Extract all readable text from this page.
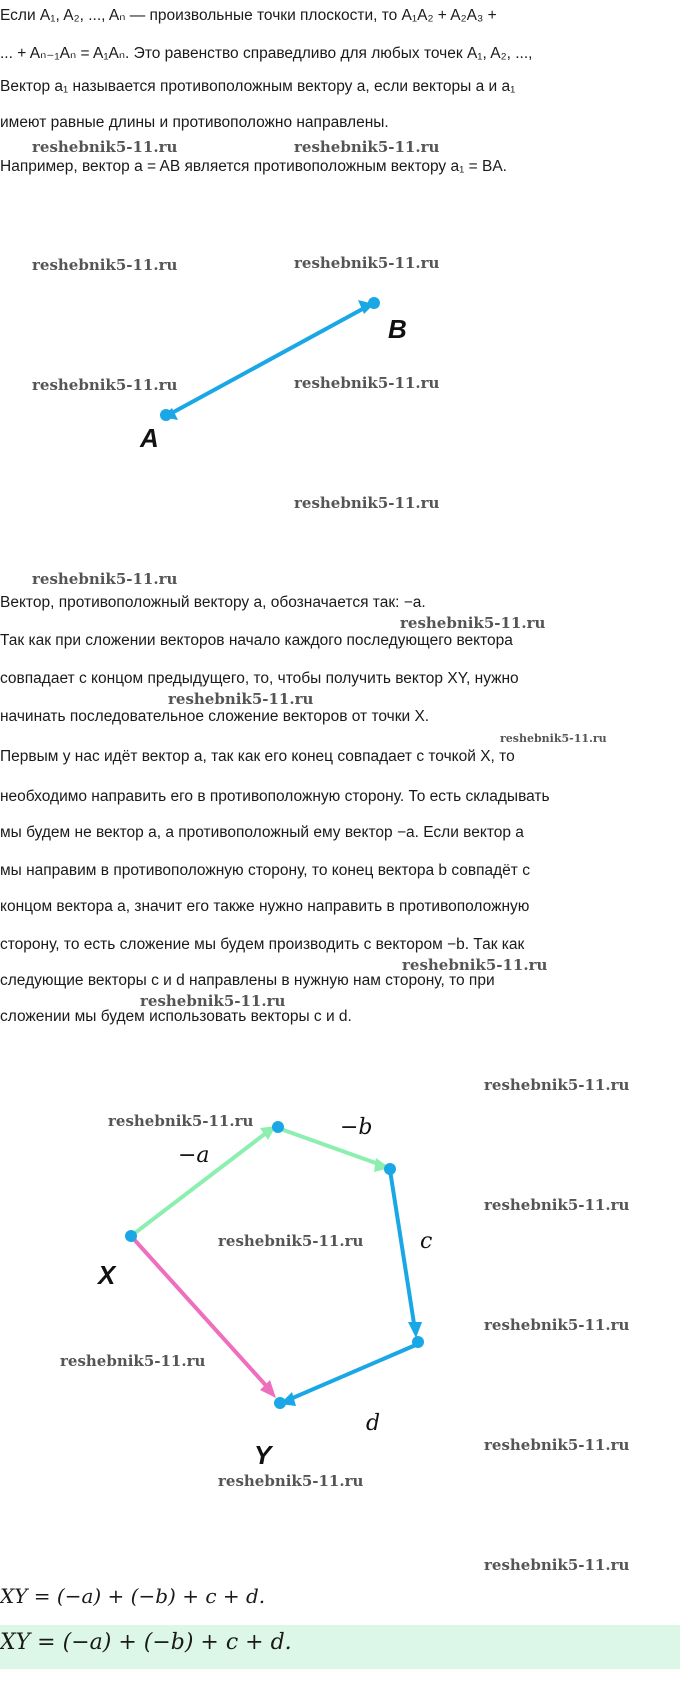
Если A₁, A₂, ..., Aₙ — произвольные точки плоскости, то A₁A₂ + A₂A₃ +
... + Aₙ₋₁Aₙ = A₁Aₙ. Это равенство справедливо для любых точек A₁, A₂, ...,
Вектор a₁ называется противоположным вектору a, если векторы a и a₁
имеют равные длины и противоположно направлены.
Например, вектор a = AB является противоположным вектору a₁ = BA.
reshebnik5-11.ru	reshebnik5-11.ru
B
A
reshebnik5-11.ru	reshebnik5-11.ru
reshebnik5-11.ru	reshebnik5-11.ru
reshebnik5-11.ru
reshebnik5-11.ru
Вектор, противоположный вектору a, обозначается так: −a.
Так как при сложении векторов начало каждого последующего вектора
совпадает с концом предыдущего, то, чтобы получить вектор XY, нужно
начинать последовательное сложение векторов от точки X.
Первым у нас идёт вектор a, так как его конец совпадает с точкой X, то
необходимо направить его в противоположную сторону. То есть складывать
мы будем не вектор a, а противоположный ему вектор −a. Если вектор a
мы направим в противоположную сторону, то конец вектора b совпадёт с
концом вектора a, значит его также нужно направить в противоположную
сторону, то есть сложение мы будем производить с вектором −b. Так как
следующие векторы c и d направлены в нужную нам сторону, то при
сложении мы будем использовать векторы c и d.
reshebnik5-11.ru
reshebnik5-11.ru
reshebnik5-11.ru
reshebnik5-11.ru
reshebnik5-11.ru
X
Y
−a
−b
c
d
reshebnik5-11.ru
reshebnik5-11.ru
reshebnik5-11.ru
reshebnik5-11.ru
reshebnik5-11.ru
reshebnik5-11.ru
reshebnik5-11.ru
reshebnik5-11.ru
reshebnik5-11.ru
XY = (−a) + (−b) + c + d.
XY = (−a) + (−b) + c + d.
